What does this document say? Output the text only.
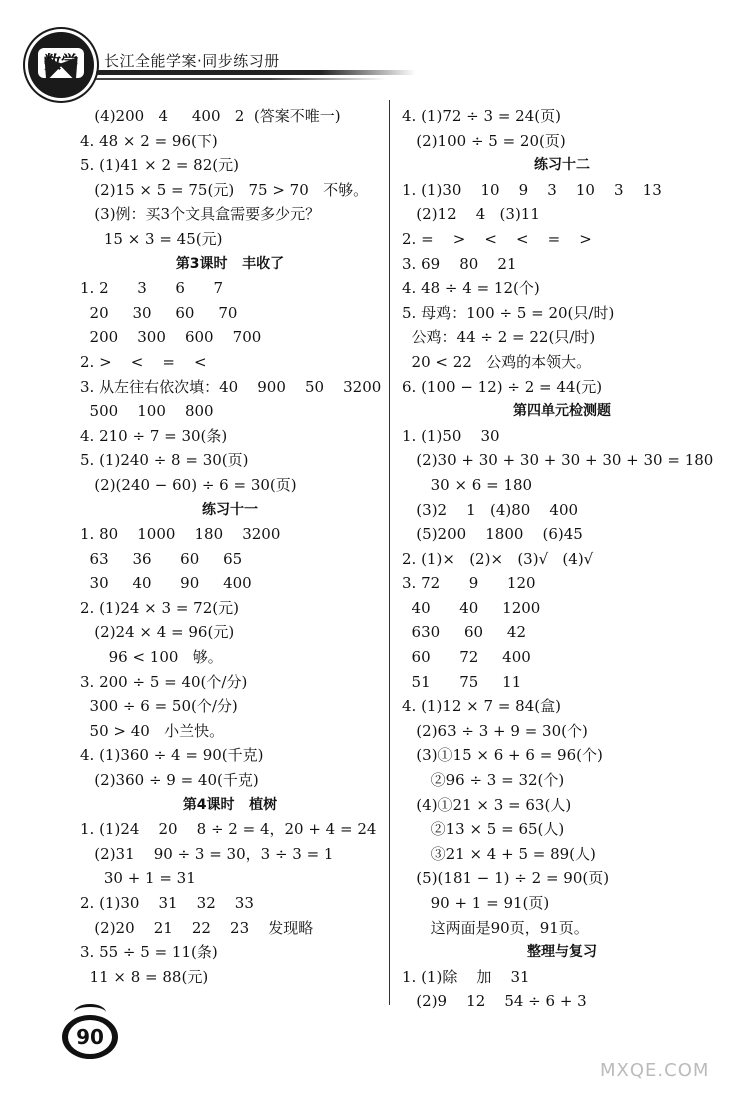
数学	长江全能学案·同步练习册
(4)200   4     400   2  (答案不唯一)
4. 48 × 2 = 96(下)
5. (1)41 × 2 = 82(元)
(2)15 × 5 = 75(元)   75 > 70   不够。
(3)例：买3个文具盒需要多少元？
15 × 3 = 45(元)
第3课时   丰收了
1. 2      3      6      7
20     30     60     70
200    300    600    700
2. >    <    =    <
3. 从左往右依次填：40    900    50    3200
500    100    800
4. 210 ÷ 7 = 30(条)
5. (1)240 ÷ 8 = 30(页)
(2)(240 − 60) ÷ 6 = 30(页)
练习十一
1. 80    1000    180    3200
63     36      60     65
30     40      90     400
2. (1)24 × 3 = 72(元)
(2)24 × 4 = 96(元)
96 < 100   够。
3. 200 ÷ 5 = 40(个/分)
300 ÷ 6 = 50(个/分)
50 > 40   小兰快。
4. (1)360 ÷ 4 = 90(千克)
(2)360 ÷ 9 = 40(千克)
第4课时   植树
1. (1)24    20    8 ÷ 2 = 4，20 + 4 = 24
(2)31    90 ÷ 3 = 30，3 ÷ 3 = 1
30 + 1 = 31
2. (1)30    31    32    33
(2)20    21    22    23    发现略
3. 55 ÷ 5 = 11(条)
11 × 8 = 88(元)
4. (1)72 ÷ 3 = 24(页)
(2)100 ÷ 5 = 20(页)
练习十二
1. (1)30    10    9    3    10    3    13
(2)12    4   (3)11
2. =    >    <    <    =    >
3. 69    80    21
4. 48 ÷ 4 = 12(个)
5. 母鸡：100 ÷ 5 = 20(只/时)
公鸡：44 ÷ 2 = 22(只/时)
20 < 22   公鸡的本领大。
6. (100 − 12) ÷ 2 = 44(元)
第四单元检测题
1. (1)50    30
(2)30 + 30 + 30 + 30 + 30 + 30 = 180
30 × 6 = 180
(3)2    1   (4)80    400
(5)200    1800    (6)45
2. (1)×   (2)×   (3)√   (4)√
3. 72      9      120
40      40     1200
630     60     42
60      72     400
51      75     11
4. (1)12 × 7 = 84(盒)
(2)63 ÷ 3 + 9 = 30(个)
(3)①15 × 6 + 6 = 96(个)
②96 ÷ 3 = 32(个)
(4)①21 × 3 = 63(人)
②13 × 5 = 65(人)
③21 × 4 + 5 = 89(人)
(5)(181 − 1) ÷ 2 = 90(页)
90 + 1 = 91(页)
这两面是90页，91页。
整理与复习
1. (1)除    加    31
(2)9    12    54 ÷ 6 + 3
90
MXQE.COM
